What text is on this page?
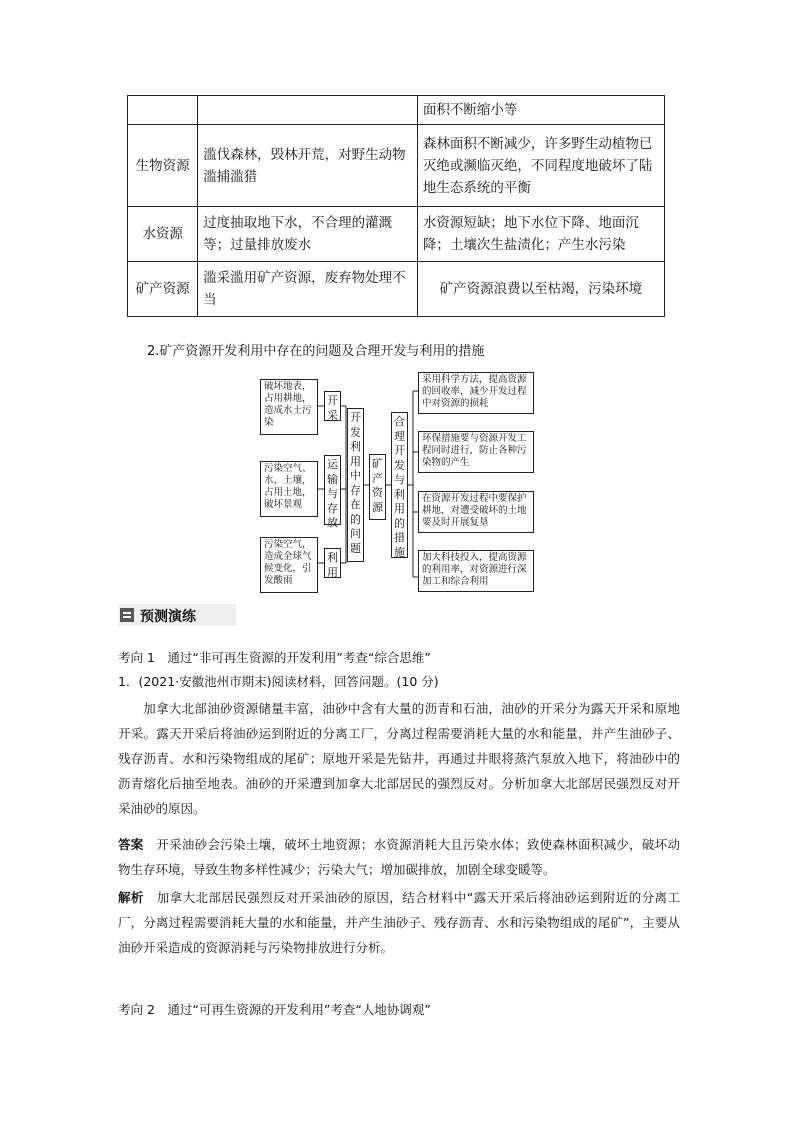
		面积不断缩小等
生物资源	滥伐森林，毁林开荒，对野生动物滥捕滥猎	森林面积不断减少，许多野生动植物已灭绝或濒临灭绝，不同程度地破坏了陆地生态系统的平衡
水资源	过度抽取地下水，不合理的灌溉等；过量排放废水	水资源短缺；地下水位下降、地面沉降；土壤次生盐渍化；产生水污染
矿产资源	滥采滥用矿产资源，废弃物处理不当	矿产资源浪费以至枯竭，污染环境
2.矿产资源开发利用中存在的问题及合理开发与利用的措施
破坏地表，占用耕地，造成水土污染
污染空气、水、土壤，占用土地，破坏景观
污染空气，造成全球气候变化，引发酸雨
开采
运输与存放
利用
开发利用中存在的问题
矿产资源
合理开发与利用的措施
采用科学方法，提高资源的回收率，减少开发过程中对资源的损耗
环保措施要与资源开发工程同时进行，防止各种污染物的产生
在资源开发过程中要保护耕地，对遭受破坏的土地要及时开展复垦
加大科技投入，提高资源的利用率，对资源进行深加工和综合利用
预测演练
考向 1　通过“非可再生资源的开发利用”考查“综合思维”
1．(2021·安徽池州市期末)阅读材料，回答问题。(10 分)
加拿大北部油砂资源储量丰富，油砂中含有大量的沥青和石油，油砂的开采分为露天开采和原地开采。露天开采后将油砂运到附近的分离工厂，分离过程需要消耗大量的水和能量，并产生油砂子、残存沥青、水和污染物组成的尾矿；原地开采是先钻井，再通过井眼将蒸汽泵放入地下，将油砂中的沥青熔化后抽至地表。油砂的开采遭到加拿大北部居民的强烈反对。分析加拿大北部居民强烈反对开采油砂的原因。
答案　 开采油砂会污染土壤，破坏土地资源；水资源消耗大且污染水体；致使森林面积减少，破坏动物生存环境，导致生物多样性减少；污染大气；增加碳排放，加剧全球变暖等。
解析　 加拿大北部居民强烈反对开采油砂的原因，结合材料中“露天开采后将油砂运到附近的分离工厂，分离过程需要消耗大量的水和能量，并产生油砂子、残存沥青、水和污染物组成的尾矿”，主要从油砂开采造成的资源消耗与污染物排放进行分析。
考向 2　通过“可再生资源的开发利用”考查“人地协调观”
